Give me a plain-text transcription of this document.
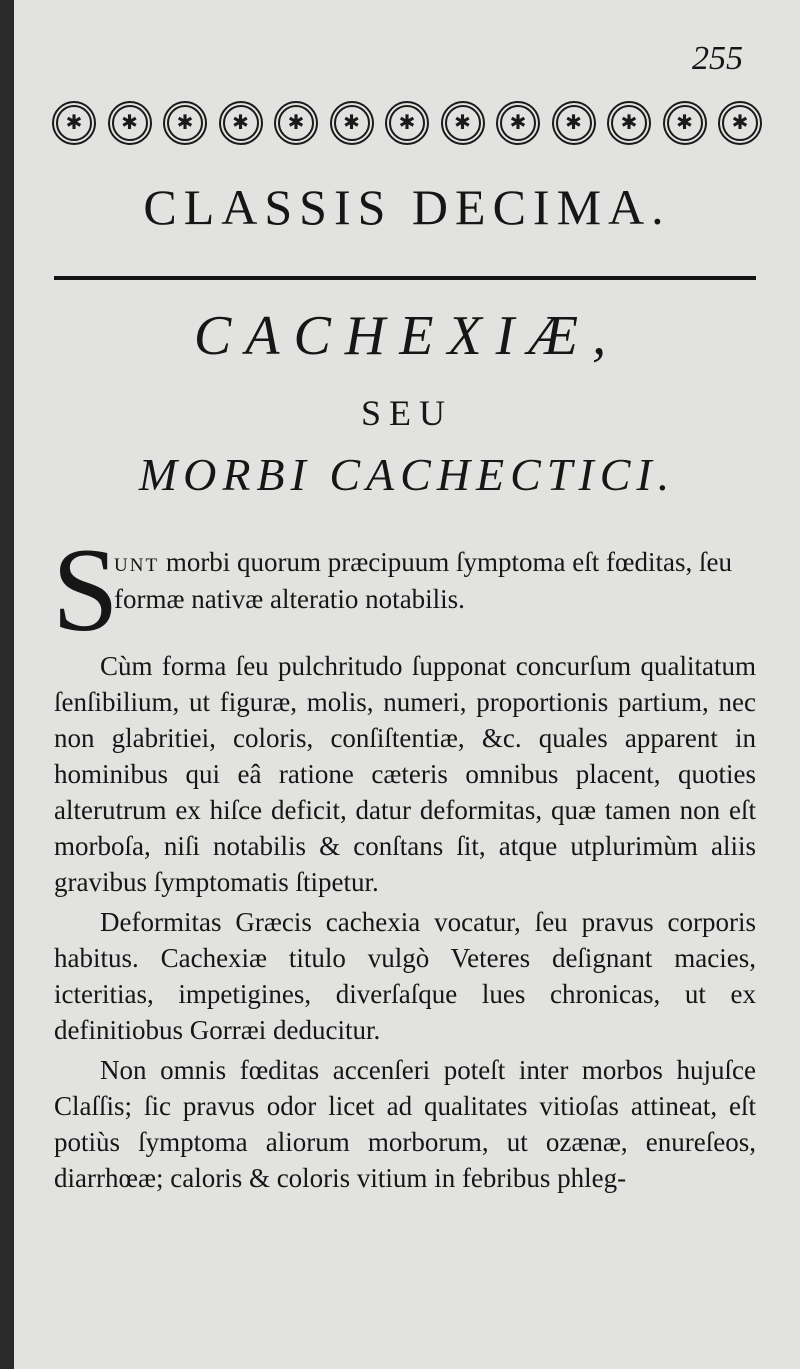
255
✱	✱	✱	✱	✱	✱	✱	✱	✱	✱	✱	✱	✱
CLASSIS DECIMA.
CACHEXIÆ,
SEU
MORBI CACHECTICI.
S
unt morbi quorum præcipuum ſymptoma eſt fœditas, ſeu formæ nativæ alteratio notabilis.

Cùm forma ſeu pulchritudo ſupponat concurſum qualitatum ſenſibilium, ut figuræ, molis, numeri, proportionis partium, nec non glabritiei, coloris, conſiſtentiæ, &c. quales apparent in hominibus qui eâ ratione cæteris omnibus placent, quoties alterutrum ex hiſce deficit, datur deformitas, quæ tamen non eſt morboſa, niſi notabilis & conſtans ſit, atque utplurimùm aliis gravibus ſymptomatis ſtipetur.

Deformitas Græcis cachexia vocatur, ſeu pravus corporis habitus. Cachexiæ titulo vulgò Veteres deſignant macies, icteritias, impetigines, diverſaſque lues chronicas, ut ex definitiobus Gorræi deducitur.

Non omnis fœditas accenſeri poteſt inter morbos hujuſce Claſſis; ſic pravus odor licet ad qualitates vitioſas attineat, eſt potiùs ſymptoma aliorum morborum, ut ozænæ, enureſeos, diarrhœæ; caloris & coloris vitium in febribus phleg-
